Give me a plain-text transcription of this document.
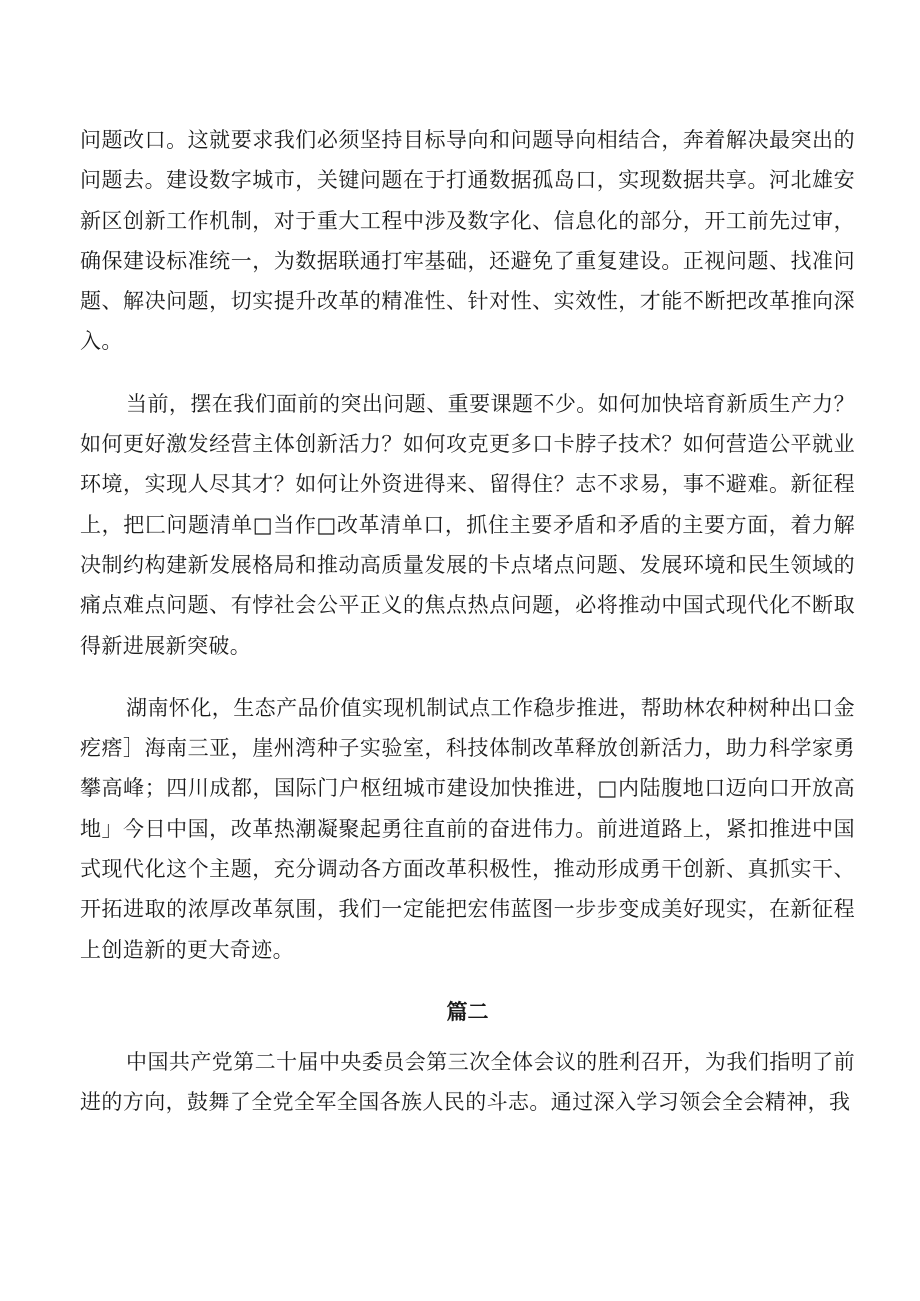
问题改口。这就要求我们必须坚持目标导向和问题导向相结合，奔着解决最突出的问题去。建设数字城市，关键问题在于打通数据孤岛口，实现数据共享。河北雄安新区创新工作机制，对于重大工程中涉及数字化、信息化的部分，开工前先过审，确保建设标准统一，为数据联通打牢基础，还避免了重复建设。正视问题、找准问题、解决问题，切实提升改革的精准性、针对性、实效性，才能不断把改革推向深入。

当前，摆在我们面前的突出问题、重要课题不少。如何加快培育新质生产力？如何更好激发经营主体创新活力？如何攻克更多口卡脖子技术？如何营造公平就业环境，实现人尽其才？如何让外资进得来、留得住？志不求易，事不避难。新征程上，把匚问题清单□当作□改革清单口，抓住主要矛盾和矛盾的主要方面，着力解决制约构建新发展格局和推动高质量发展的卡点堵点问题、发展环境和民生领域的痛点难点问题、有悖社会公平正义的焦点热点问题，必将推动中国式现代化不断取得新进展新突破。

湖南怀化，生态产品价值实现机制试点工作稳步推进，帮助林农种树种出口金疙瘩］海南三亚，崖州湾种子实验室，科技体制改革释放创新活力，助力科学家勇攀高峰；四川成都，国际门户枢纽城市建设加快推进，□内陆腹地口迈向口开放高地」今日中国，改革热潮凝聚起勇往直前的奋进伟力。前进道路上，紧扣推进中国式现代化这个主题，充分调动各方面改革积极性，推动形成勇干创新、真抓实干、开拓进取的浓厚改革氛围，我们一定能把宏伟蓝图一步步变成美好现实，在新征程上创造新的更大奇迹。

篇二

中国共产党第二十届中央委员会第三次全体会议的胜利召开，为我们指明了前进的方向，鼓舞了全党全军全国各族人民的斗志。通过深入学习领会全会精神，我
